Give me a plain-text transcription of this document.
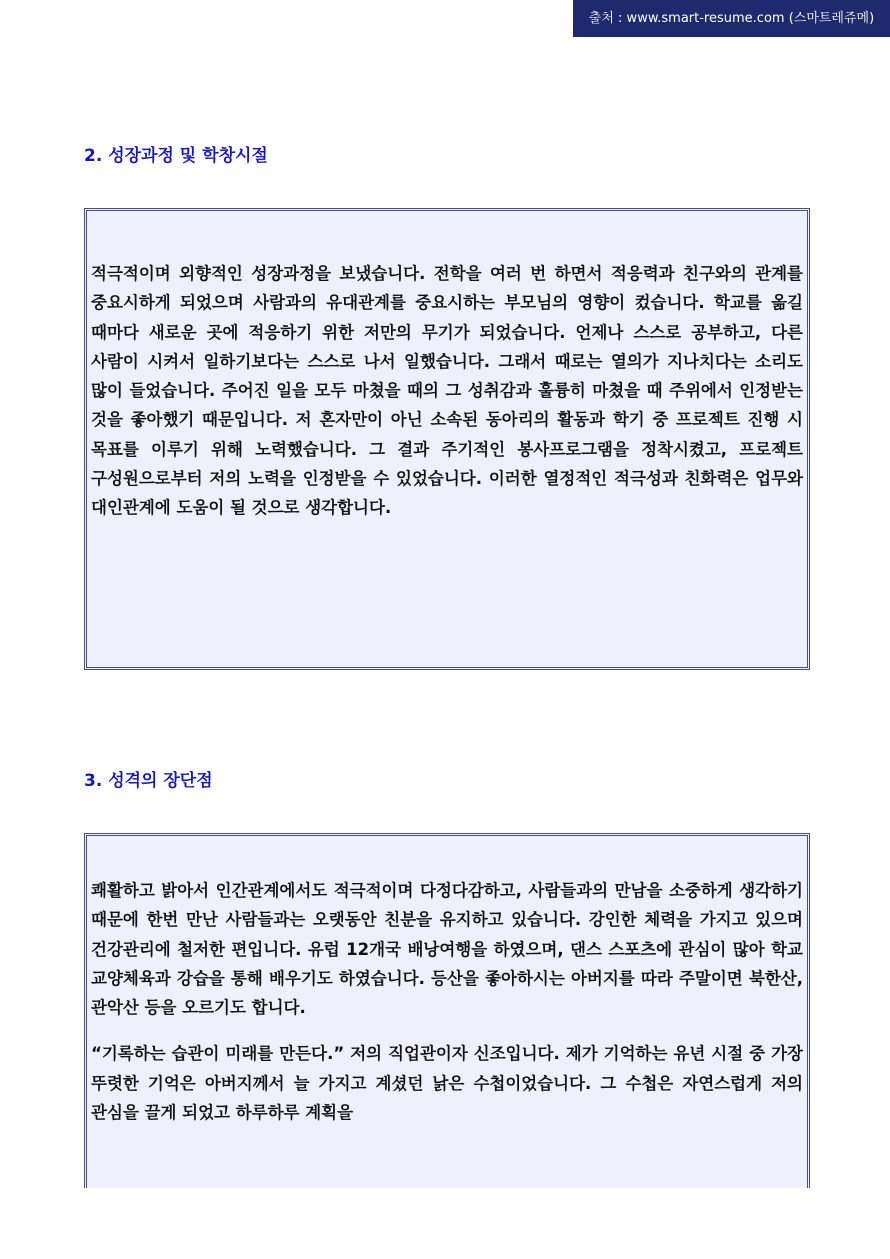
출처 : www.smart-resume.com (스마트레쥬메)
2. 성장과정 및 학창시절

적극적이며 외향적인 성장과정을 보냈습니다. 전학을 여러 번 하면서 적응력과 친구와의 관계를 중요시하게 되었으며 사람과의 유대관계를 중요시하는 부모님의 영향이 컸습니다. 학교를 옮길 때마다 새로운 곳에 적응하기 위한 저만의 무기가 되었습니다. 언제나 스스로 공부하고, 다른 사람이 시켜서 일하기보다는 스스로 나서 일했습니다. 그래서 때로는 열의가 지나치다는 소리도 많이 들었습니다. 주어진 일을 모두 마쳤을 때의 그 성취감과 훌륭히 마쳤을 때 주위에서 인정받는 것을 좋아했기 때문입니다. 저 혼자만이 아닌 소속된 동아리의 활동과 학기 중 프로젝트 진행 시 목표를 이루기 위해 노력했습니다. 그 결과 주기적인 봉사프로그램을 정착시켰고, 프로젝트 구성원으로부터 저의 노력을 인정받을 수 있었습니다. 이러한 열정적인 적극성과 친화력은 업무와 대인관계에 도움이 될 것으로 생각합니다.

3. 성격의 장단점

쾌활하고 밝아서 인간관계에서도 적극적이며 다정다감하고, 사람들과의 만남을 소중하게 생각하기 때문에 한번 만난 사람들과는 오랫동안 친분을 유지하고 있습니다. 강인한 체력을 가지고 있으며 건강관리에 철저한 편입니다. 유럽 12개국 배낭여행을 하였으며, 댄스 스포츠에 관심이 많아 학교 교양체육과 강습을 통해 배우기도 하였습니다. 등산을 좋아하시는 아버지를 따라 주말이면 북한산, 관악산 등을 오르기도 합니다.

“기록하는 습관이 미래를 만든다.” 저의 직업관이자 신조입니다. 제가 기억하는 유년 시절 중 가장 뚜렷한 기억은 아버지께서 늘 가지고 계셨던 낡은 수첩이었습니다. 그 수첩은 자연스럽게 저의 관심을 끌게 되었고 하루하루 계획을
